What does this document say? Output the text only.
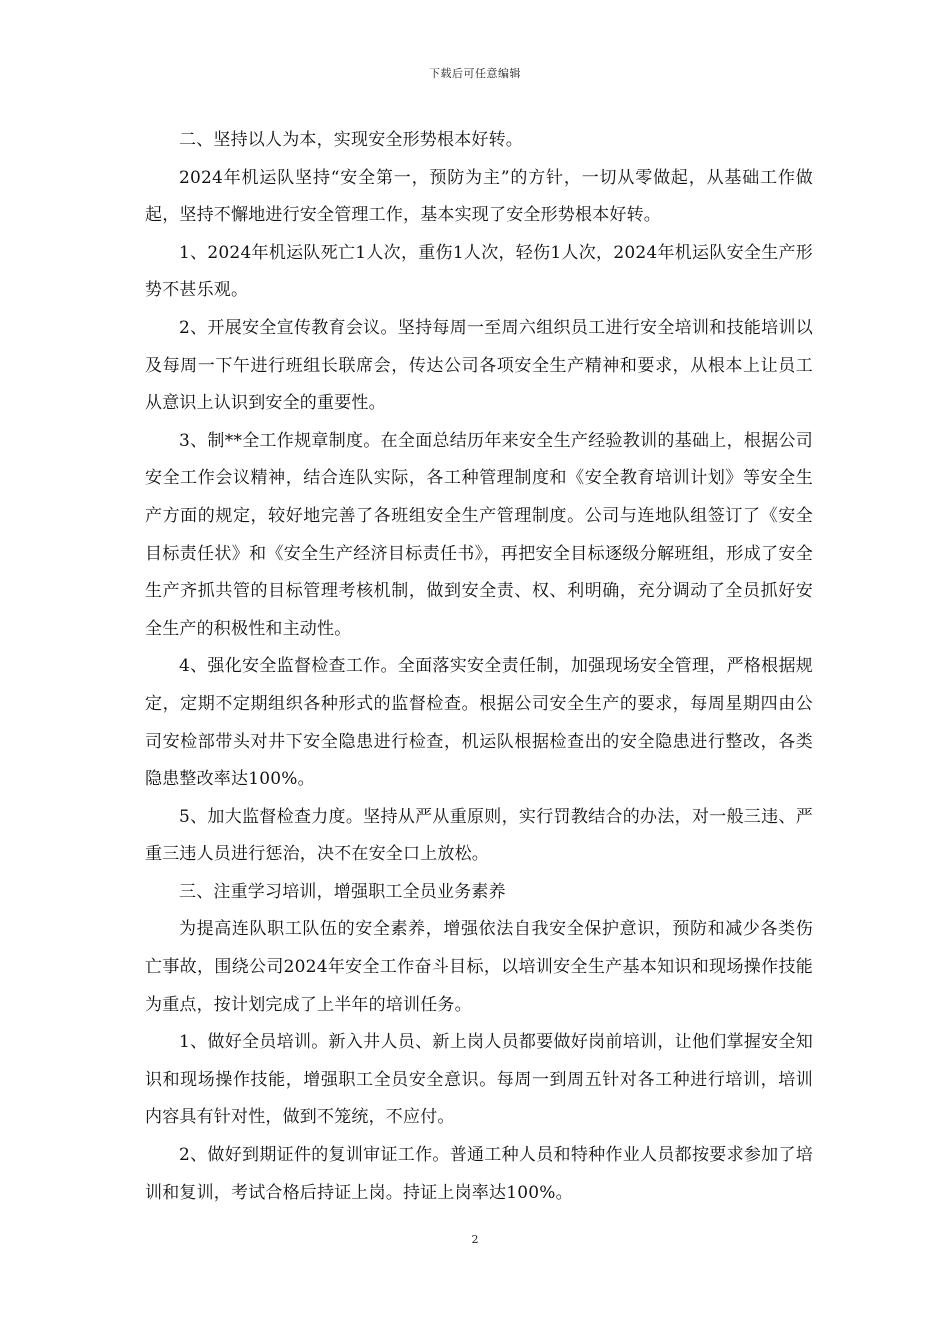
下载后可任意编辑

二、坚持以人为本，实现安全形势根本好转。

2024年机运队坚持“安全第一，预防为主”的方针，一切从零做起，从基础工作做起，坚持不懈地进行安全管理工作，基本实现了安全形势根本好转。

1、2024年机运队死亡1人次，重伤1人次，轻伤1人次，2024年机运队安全生产形势不甚乐观。

2、开展安全宣传教育会议。坚持每周一至周六组织员工进行安全培训和技能培训以及每周一下午进行班组长联席会，传达公司各项安全生产精神和要求，从根本上让员工从意识上认识到安全的重要性。

3、制**全工作规章制度。在全面总结历年来安全生产经验教训的基础上，根据公司安全工作会议精神，结合连队实际，各工种管理制度和《安全教育培训计划》等安全生产方面的规定，较好地完善了各班组安全生产管理制度。公司与连地队组签订了《安全目标责任状》和《安全生产经济目标责任书》，再把安全目标逐级分解班组，形成了安全生产齐抓共管的目标管理考核机制，做到安全责、权、利明确，充分调动了全员抓好安全生产的积极性和主动性。

4、强化安全监督检查工作。全面落实安全责任制，加强现场安全管理，严格根据规定，定期不定期组织各种形式的监督检查。根据公司安全生产的要求，每周星期四由公司安检部带头对井下安全隐患进行检查，机运队根据检查出的安全隐患进行整改，各类隐患整改率达100%。

5、加大监督检查力度。坚持从严从重原则，实行罚教结合的办法，对一般三违、严重三违人员进行惩治，决不在安全口上放松。

三、注重学习培训，增强职工全员业务素养

为提高连队职工队伍的安全素养，增强依法自我安全保护意识，预防和减少各类伤亡事故，围绕公司2024年安全工作奋斗目标，以培训安全生产基本知识和现场操作技能为重点，按计划完成了上半年的培训任务。

1、做好全员培训。新入井人员、新上岗人员都要做好岗前培训，让他们掌握安全知识和现场操作技能，增强职工全员安全意识。每周一到周五针对各工种进行培训，培训内容具有针对性，做到不笼统，不应付。

2、做好到期证件的复训审证工作。普通工种人员和特种作业人员都按要求参加了培训和复训，考试合格后持证上岗。持证上岗率达100%。

2
